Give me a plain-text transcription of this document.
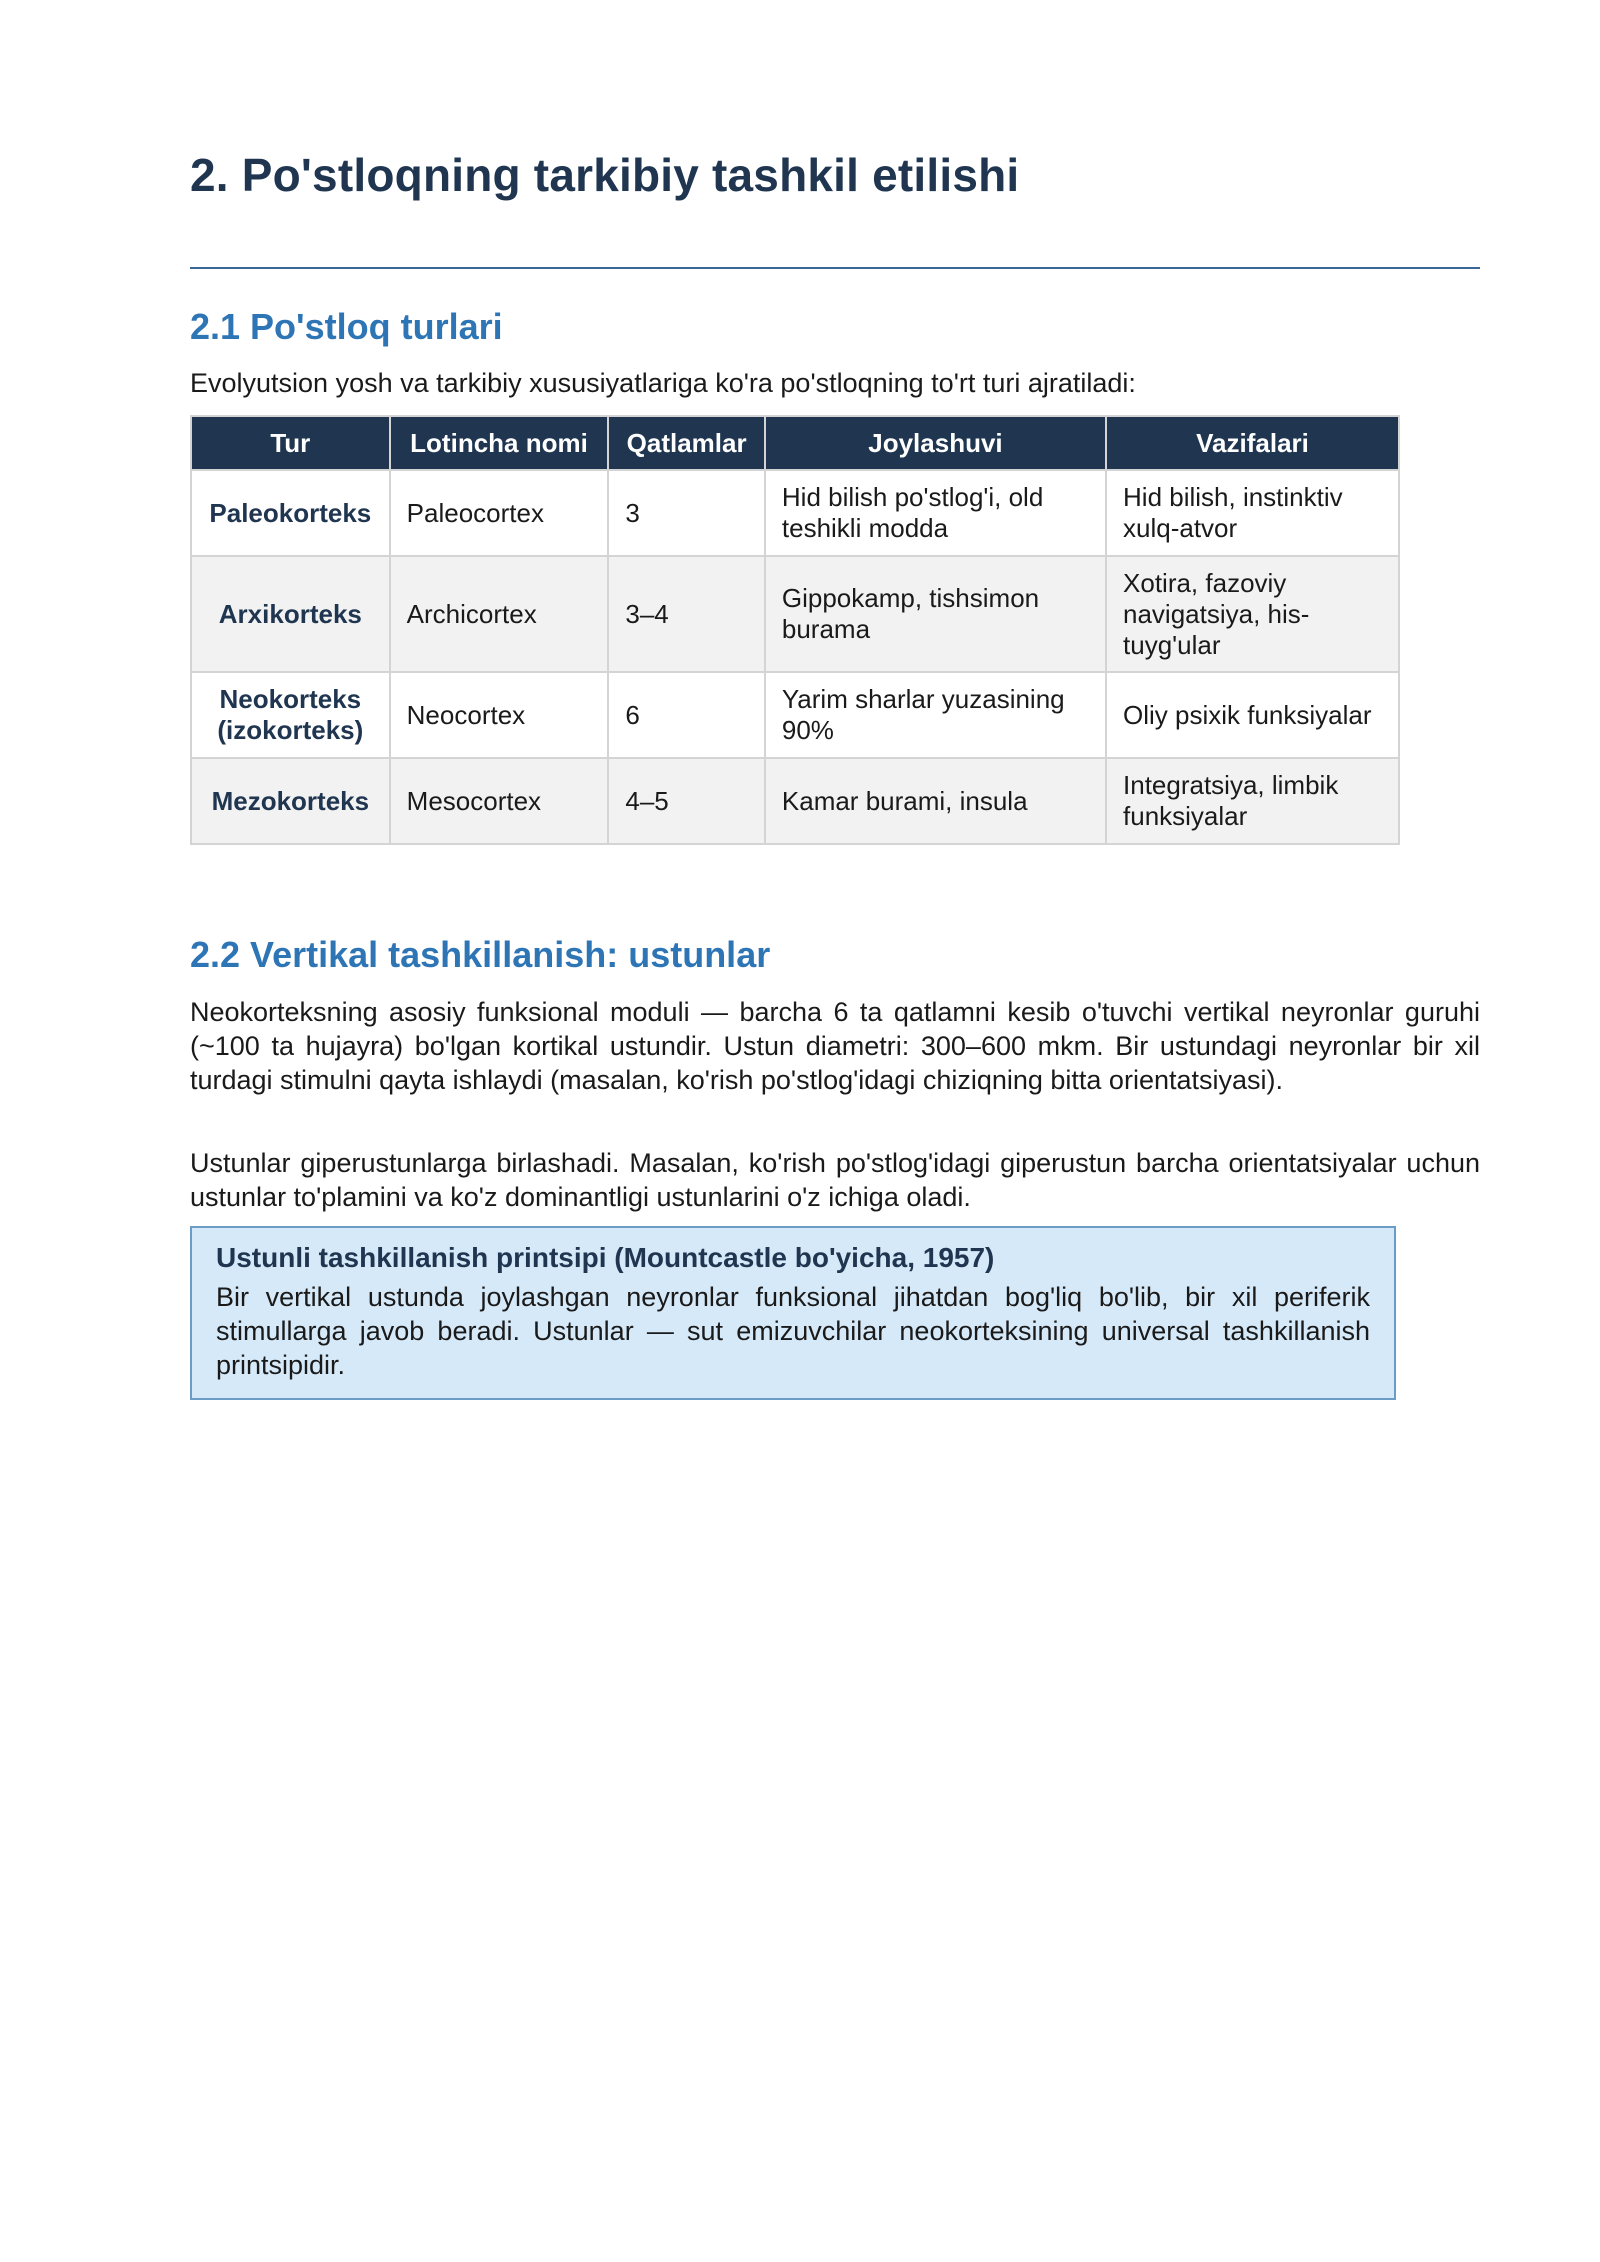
2. Po'stloqning tarkibiy tashkil etilishi
2.1 Po'stloq turlari

Evolyutsion yosh va tarkibiy xususiyatlariga ko'ra po'stloqning to'rt turi ajratiladi:

Tur	Lotincha nomi	Qatlamlar	Joylashuvi	Vazifalari
Paleokorteks	Paleocortex	3	Hid bilish po'stlog'i, old teshikli modda	Hid bilish, instinktiv xulq-atvor
Arxikorteks	Archicortex	3–4	Gippokamp, tishsimon burama	Xotira, fazoviy navigatsiya, his-tuyg'ular
Neokorteks (izokorteks)	Neocortex	6	Yarim sharlar yuzasining 90%	Oliy psixik funksiyalar
Mezokorteks	Mesocortex	4–5	Kamar burami, insula	Integratsiya, limbik funksiyalar
2.2 Vertikal tashkillanish: ustunlar

Neokorteksning asosiy funksional moduli — barcha 6 ta qatlamni kesib o'tuvchi vertikal neyronlar guruhi (~100 ta hujayra) bo'lgan kortikal ustundir. Ustun diametri: 300–600 mkm. Bir ustundagi neyronlar bir xil turdagi stimulni qayta ishlaydi (masalan, ko'rish po'stlog'idagi chiziqning bitta orientatsiyasi).

Ustunlar giperustunlarga birlashadi. Masalan, ko'rish po'stlog'idagi giperustun barcha orientatsiyalar uchun ustunlar to'plamini va ko'z dominantligi ustunlarini o'z ichiga oladi.

Ustunli tashkillanish printsipi (Mountcastle bo'yicha, 1957)

Bir vertikal ustunda joylashgan neyronlar funksional jihatdan bog'liq bo'lib, bir xil periferik stimullarga javob beradi. Ustunlar — sut emizuvchilar neokorteksining universal tashkillanish printsipidir.
